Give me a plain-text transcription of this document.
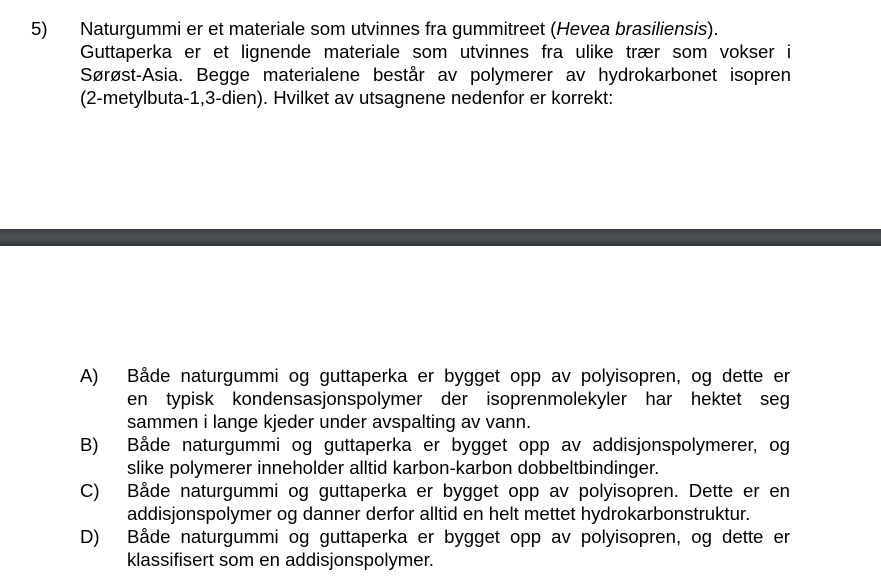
5) Naturgummi er et materiale som utvinnes fra gummitreet (Hevea brasiliensis).
Guttaperka er et lignende materiale som utvinnes fra ulike trær som vokser i
Sørøst-Asia. Begge materialene består av polymerer av hydrokarbonet isopren
(2-metylbuta-1,3-dien). Hvilket av utsagnene nedenfor er korrekt:
A) Både naturgummi og guttaperka er bygget opp av polyisopren, og dette er
en typisk kondensasjonspolymer der isoprenmolekyler har hektet seg
sammen i lange kjeder under avspalting av vann.
B) Både naturgummi og guttaperka er bygget opp av addisjonspolymerer, og
slike polymerer inneholder alltid karbon-karbon dobbeltbindinger.
C) Både naturgummi og guttaperka er bygget opp av polyisopren. Dette er en
addisjonspolymer og danner derfor alltid en helt mettet hydrokarbonstruktur.
D) Både naturgummi og guttaperka er bygget opp av polyisopren, og dette er
klassifisert som en addisjonspolymer.
